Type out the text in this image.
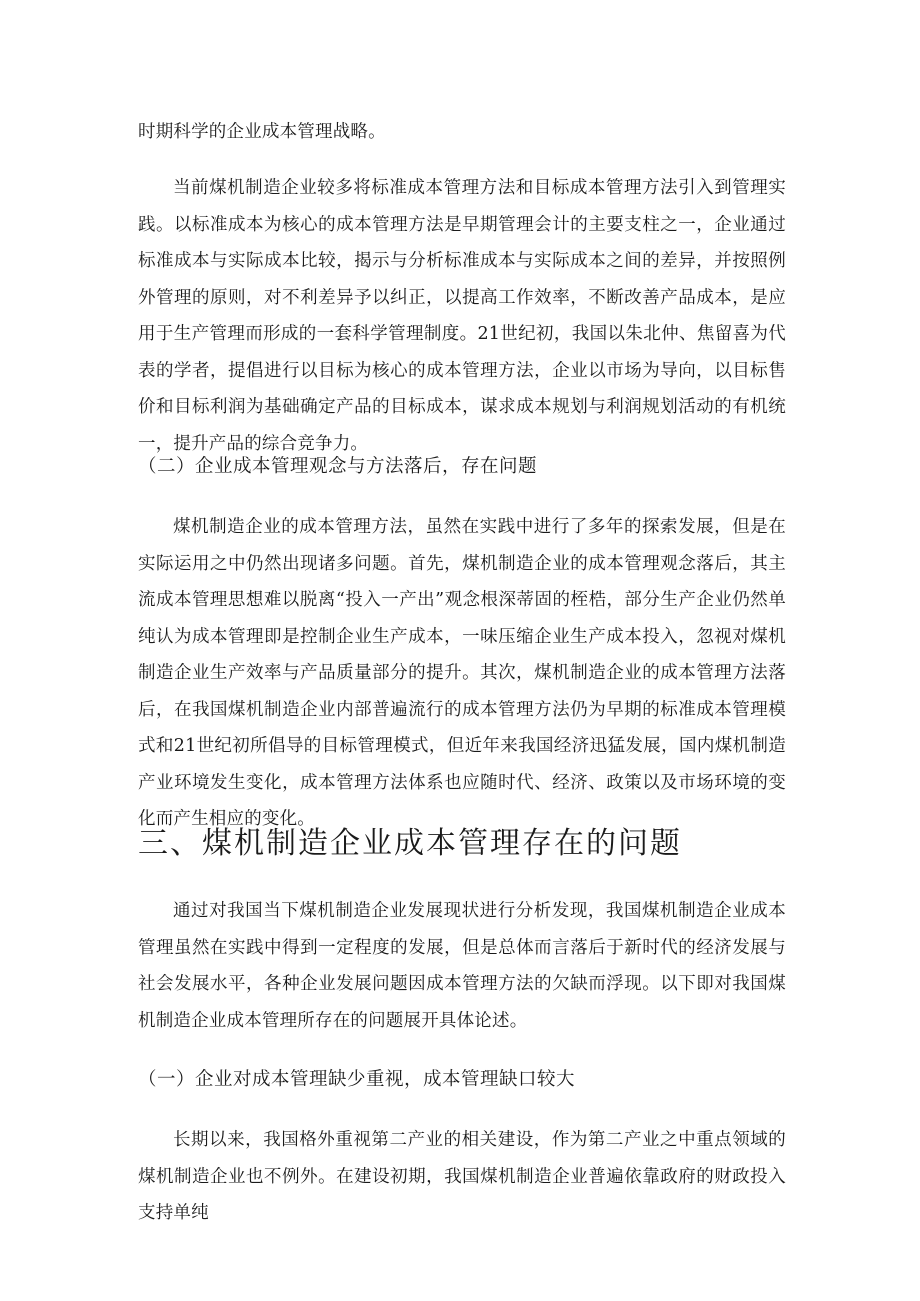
时期科学的企业成本管理战略。

当前煤机制造企业较多将标准成本管理方法和目标成本管理方法引入到管理实践。以标准成本为核心的成本管理方法是早期管理会计的主要支柱之一，企业通过标准成本与实际成本比较，揭示与分析标准成本与实际成本之间的差异，并按照例外管理的原则，对不利差异予以纠正，以提高工作效率，不断改善产品成本，是应用于生产管理而形成的一套科学管理制度。21世纪初，我国以朱北仲、焦留喜为代表的学者，提倡进行以目标为核心的成本管理方法，企业以市场为导向，以目标售价和目标利润为基础确定产品的目标成本，谋求成本规划与利润规划活动的有机统一，提升产品的综合竞争力。

（二）企业成本管理观念与方法落后，存在问题

煤机制造企业的成本管理方法，虽然在实践中进行了多年的探索发展，但是在实际运用之中仍然出现诸多问题。首先，煤机制造企业的成本管理观念落后，其主流成本管理思想难以脱离“投入一产出”观念根深蒂固的桎梏，部分生产企业仍然单纯认为成本管理即是控制企业生产成本，一味压缩企业生产成本投入，忽视对煤机制造企业生产效率与产品质量部分的提升。其次，煤机制造企业的成本管理方法落后，在我国煤机制造企业内部普遍流行的成本管理方法仍为早期的标准成本管理模式和21世纪初所倡导的目标管理模式，但近年来我国经济迅猛发展，国内煤机制造产业环境发生变化，成本管理方法体系也应随时代、经济、政策以及市场环境的变化而产生相应的变化。

三、煤机制造企业成本管理存在的问题

通过对我国当下煤机制造企业发展现状进行分析发现，我国煤机制造企业成本管理虽然在实践中得到一定程度的发展，但是总体而言落后于新时代的经济发展与社会发展水平，各种企业发展问题因成本管理方法的欠缺而浮现。以下即对我国煤机制造企业成本管理所存在的问题展开具体论述。

（一）企业对成本管理缺少重视，成本管理缺口较大

长期以来，我国格外重视第二产业的相关建设，作为第二产业之中重点领域的煤机制造企业也不例外。在建设初期，我国煤机制造企业普遍依靠政府的财政投入支持单纯
